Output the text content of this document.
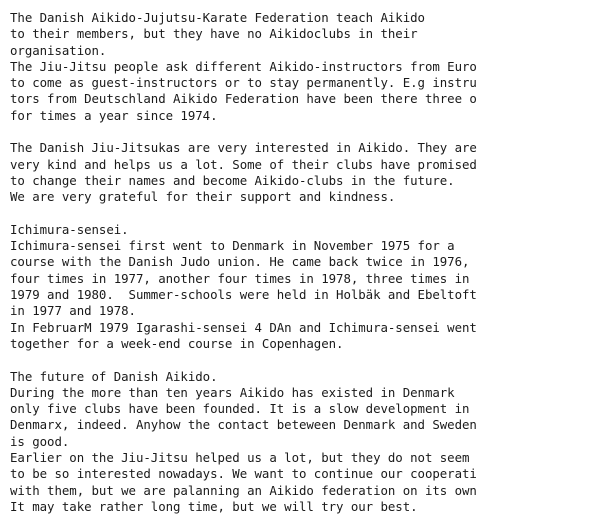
The Danish Aikido-Jujutsu-Karate Federation teach Aikido
to their members, but they have no Aikidoclubs in their
organisation.
The Jiu-Jitsu people ask different Aikido-instructors from Euro
to come as guest-instructors or to stay permanently. E.g instru
tors from Deutschland Aikido Federation have been there three o
for times a year since 1974.
The Danish Jiu-Jitsukas are very interested in Aikido. They are
very kind and helps us a lot. Some of their clubs have promised
to change their names and become Aikido-clubs in the future.
We are very grateful for their support and kindness.
Ichimura-sensei.
Ichimura-sensei first went to Denmark in November 1975 for a
course with the Danish Judo union. He came back twice in 1976,
four times in 1977, another four times in 1978, three times in
1979 and 1980.  Summer-schools were held in Holbäk and Ebeltoft
in 1977 and 1978.
In FebruarM 1979 Igarashi-sensei 4 DAn and Ichimura-sensei went
together for a week-end course in Copenhagen.
The future of Danish Aikido.
During the more than ten years Aikido has existed in Denmark
only five clubs have been founded. It is a slow development in
Denmarx, indeed. Anyhow the contact beteween Denmark and Sweden
is good.
Earlier on the Jiu-Jitsu helped us a lot, but they do not seem
to be so interested nowadays. We want to continue our cooperati
with them, but we are palanning an Aikido federation on its own
It may take rather long time, but we will try our best.
